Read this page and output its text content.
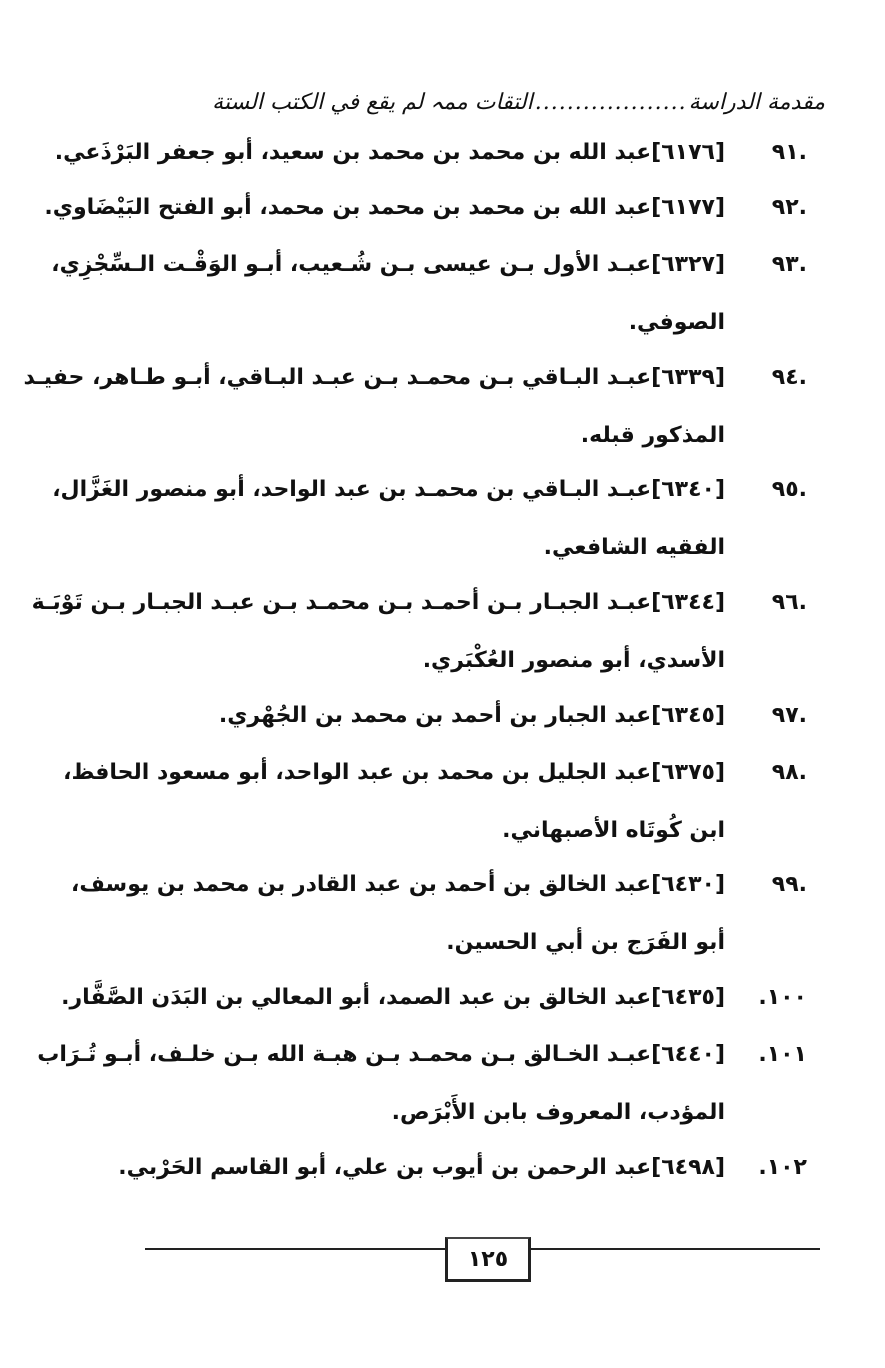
مقدمة الدراسة
...................
التقات ممہ لم يقع في الكتب الستة
.٩١
[٦١٧٦]عبد الله بن محمد بن محمد بن سعيد، أبو جعفر البَرْذَعي.
.٩٢
[٦١٧٧]عبد الله بن محمد بن محمد بن محمد، أبو الفتح البَيْضَاوي.
.٩٣
[٦٣٢٧]عبـد الأول بـن عيسى بـن شُـعيب، أبـو الوَقْـت الـسِّجْزِي،
الصوفي.
.٩٤
[٦٣٣٩]عبـد البـاقي بـن محمـد بـن عبـد البـاقي، أبـو طـاهر، حفيـد
المذكور قبله.
.٩٥
[٦٣٤٠]عبـد البـاقي بن محمـد بن عبد الواحد، أبو منصور الغَزَّال،
الفقيه الشافعي.
.٩٦
[٦٣٤٤]عبـد الجبـار بـن أحمـد بـن محمـد بـن عبـد الجبـار بـن تَوْبَـة
الأسدي، أبو منصور العُكْبَري.
.٩٧
[٦٣٤٥]عبد الجبار بن أحمد بن محمد بن الجُهْري.
.٩٨
[٦٣٧٥]عبد الجليل بن محمد بن عبد الواحد، أبو مسعود الحافظ،
ابن كُوتَاه الأصبهاني.
.٩٩
[٦٤٣٠]عبد الخالق بن أحمد بن عبد القادر بن محمد بن يوسف،
أبو الفَرَج بن أبي الحسين.
١٠٠.
[٦٤٣٥]عبد الخالق بن عبد الصمد، أبو المعالي بن البَدَن الصَّفَّار.
١٠١.
[٦٤٤٠]عبـد الخـالق بـن محمـد بـن هبـة الله بـن خلـف، أبـو تُـرَاب
المؤدب، المعروف بابن الأَبْرَص.
١٠٢.
[٦٤٩٨]عبد الرحمن بن أيوب بن علي، أبو القاسم الحَرْبي.
١٢٥
